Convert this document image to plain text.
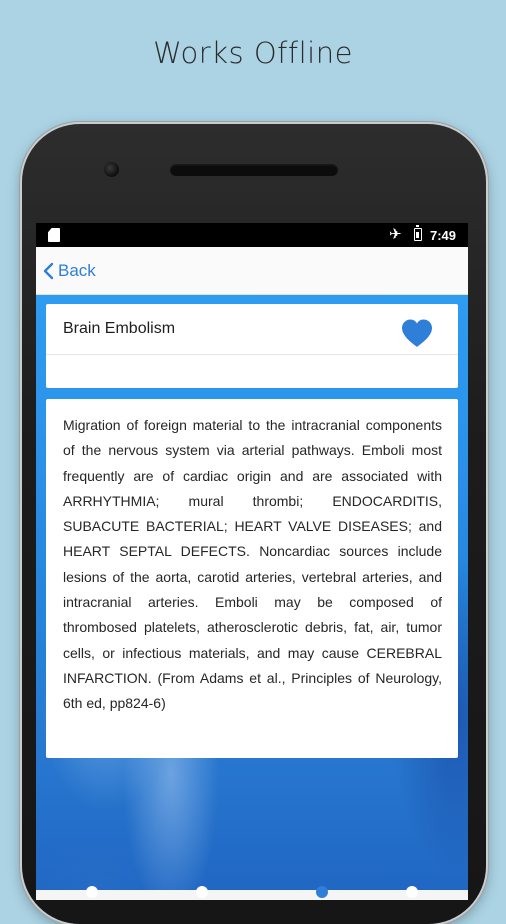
Works Offline
✈ 7:49
Back
Brain Embolism

Migration of foreign material to the intracranial components of the nervous system via arterial pathways. Emboli most frequently are of cardiac origin and are associated with ARRHYTHMIA; mural thrombi; ENDOCARDITIS, SUBACUTE BACTERIAL; HEART VALVE DISEASES; and HEART SEPTAL DEFECTS. Noncardiac sources include lesions of the aorta, carotid arteries, vertebral arteries, and intracranial arteries. Emboli may be composed of thrombosed platelets, atherosclerotic debris, fat, air, tumor cells, or infectious materials, and may cause CEREBRAL INFARCTION. (From Adams et al., Principles of Neurology, 6th ed, pp824-6)
